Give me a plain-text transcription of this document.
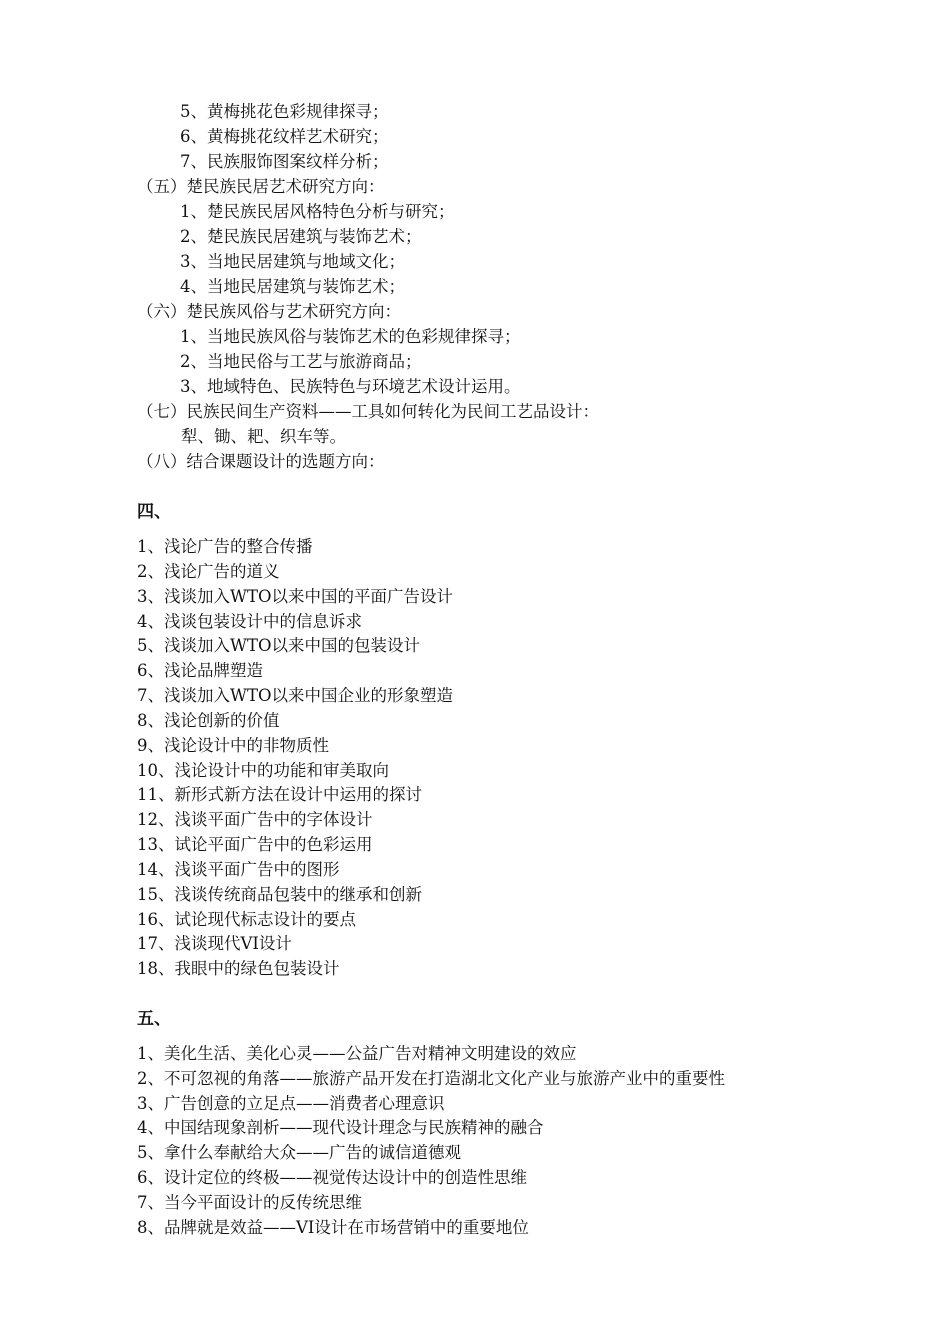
5、黄梅挑花色彩规律探寻；
6、黄梅挑花纹样艺术研究；
7、民族服饰图案纹样分析；
（五）楚民族民居艺术研究方向：
1、楚民族民居风格特色分析与研究；
2、楚民族民居建筑与装饰艺术；
3、当地民居建筑与地域文化；
4、当地民居建筑与装饰艺术；
（六）楚民族风俗与艺术研究方向：
1、当地民族风俗与装饰艺术的色彩规律探寻；
2、当地民俗与工艺与旅游商品；
3、地域特色、民族特色与环境艺术设计运用。
（七）民族民间生产资料——工具如何转化为民间工艺品设计：
犁、锄、耙、织车等。
（八）结合课题设计的选题方向：
四、
1、浅论广告的整合传播
2、浅论广告的道义
3、浅谈加入WTO以来中国的平面广告设计
4、浅谈包装设计中的信息诉求
5、浅谈加入WTO以来中国的包装设计
6、浅论品牌塑造
7、浅谈加入WTO以来中国企业的形象塑造
8、浅论创新的价值
9、浅论设计中的非物质性
10、浅论设计中的功能和审美取向
11、新形式新方法在设计中运用的探讨
12、浅谈平面广告中的字体设计
13、试论平面广告中的色彩运用
14、浅谈平面广告中的图形
15、浅谈传统商品包装中的继承和创新
16、试论现代标志设计的要点
17、浅谈现代VI设计
18、我眼中的绿色包装设计
五、
1、美化生活、美化心灵——公益广告对精神文明建设的效应
2、不可忽视的角落——旅游产品开发在打造湖北文化产业与旅游产业中的重要性
3、广告创意的立足点——消费者心理意识
4、中国结现象剖析——现代设计理念与民族精神的融合
5、拿什么奉献给大众——广告的诚信道德观
6、设计定位的终极——视觉传达设计中的创造性思维
7、当今平面设计的反传统思维
8、品牌就是效益——VI设计在市场营销中的重要地位
